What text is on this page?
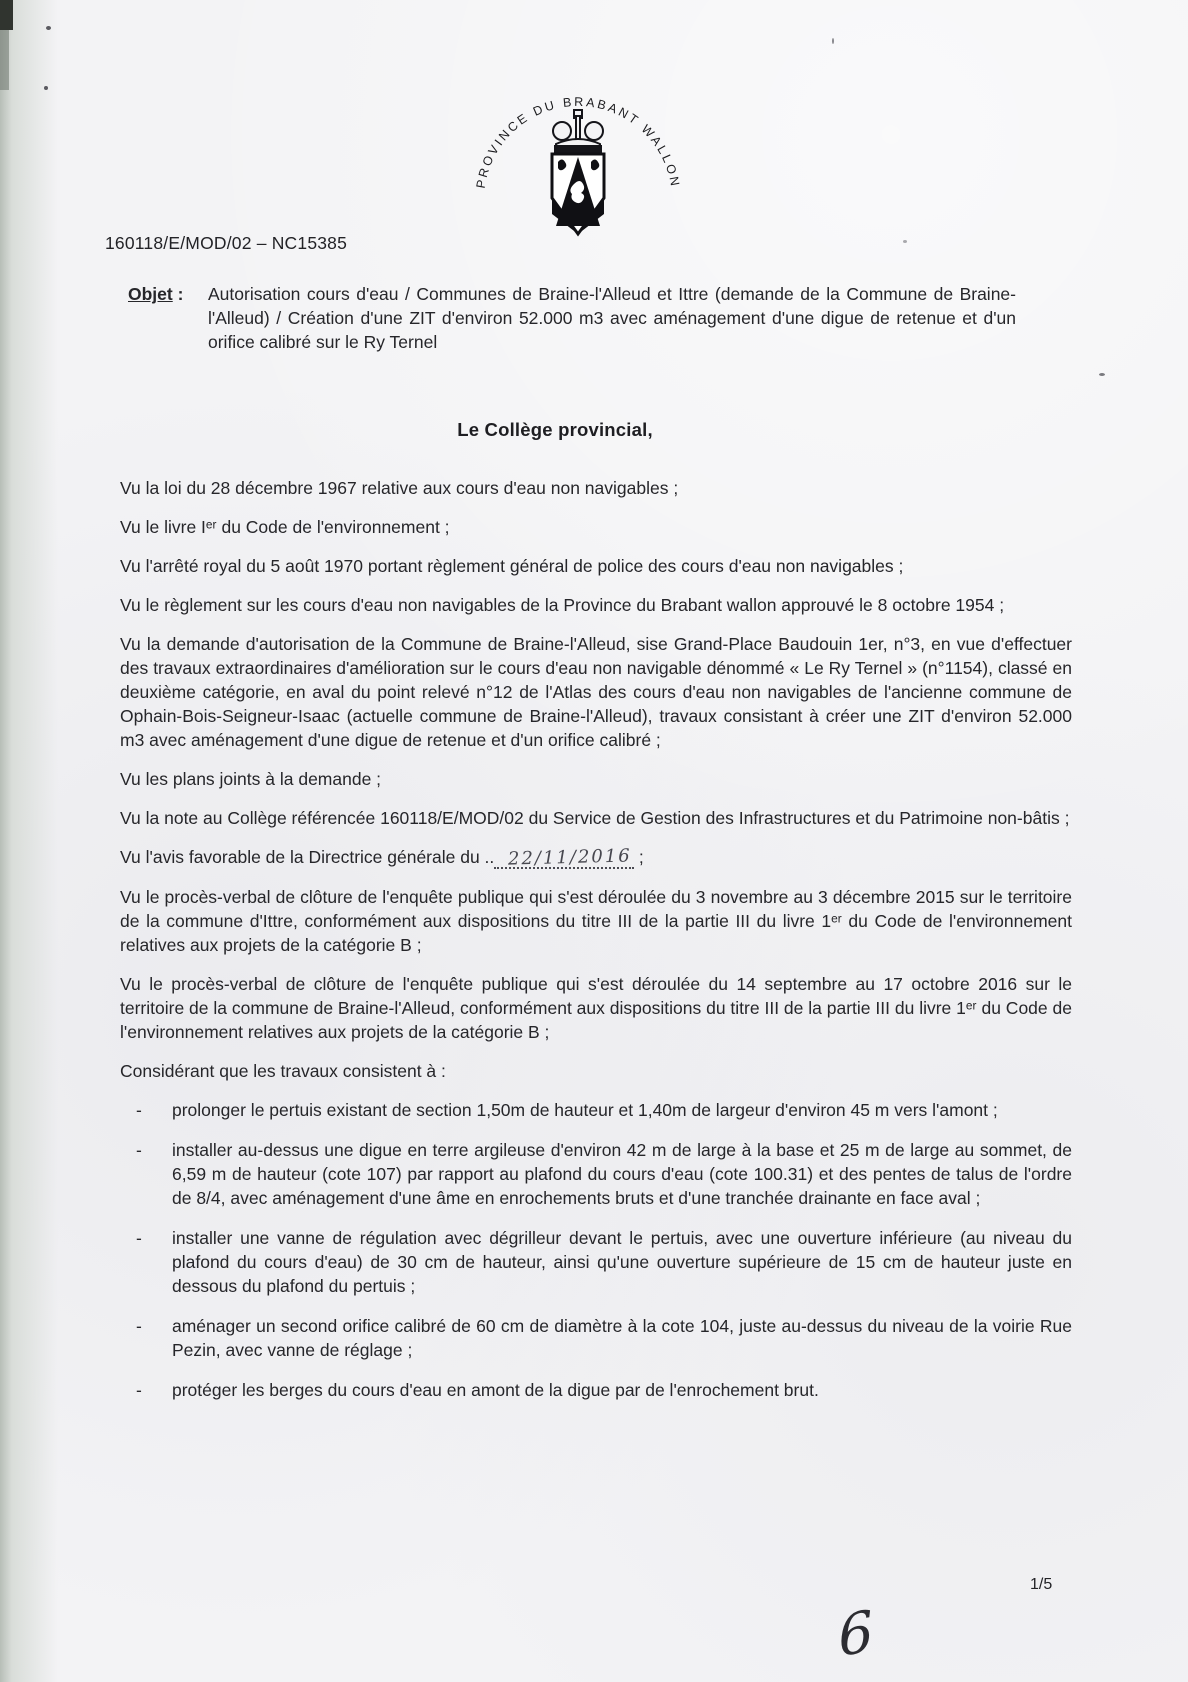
PROVINCE DU BRABANT WALLON
160118/E/MOD/02 – NC15385
Objet : Autorisation cours d'eau / Communes de Braine-l'Alleud et Ittre (demande de la Commune de Braine-l'Alleud) / Création d'une ZIT d'environ 52.000 m3 avec aménagement d'une digue de retenue et d'un orifice calibré sur le Ry Ternel
Le Collège provincial,

Vu la loi du 28 décembre 1967 relative aux cours d'eau non navigables ;

Vu le livre Iᵉʳ du Code de l'environnement ;

Vu l'arrêté royal du 5 août 1970 portant règlement général de police des cours d'eau non navigables ;

Vu le règlement sur les cours d'eau non navigables de la Province du Brabant wallon approuvé le 8 octobre 1954 ;

Vu la demande d'autorisation de la Commune de Braine-l'Alleud, sise Grand-Place Baudouin 1er, n°3, en vue d'effectuer des travaux extraordinaires d'amélioration sur le cours d'eau non navigable dénommé « Le Ry Ternel » (n°1154), classé en deuxième catégorie, en aval du point relevé n°12 de l'Atlas des cours d'eau non navigables de l'ancienne commune de Ophain-Bois-Seigneur-Isaac (actuelle commune de Braine-l'Alleud), travaux consistant à créer une ZIT d'environ 52.000 m3 avec aménagement d'une digue de retenue et d'un orifice calibré ;

Vu les plans joints à la demande ;

Vu la note au Collège référencée 160118/E/MOD/02 du Service de Gestion des Infrastructures et du Patrimoine non-bâtis ;

Vu l'avis favorable de la Directrice générale du .. 22/11/2016 ;

Vu le procès-verbal de clôture de l'enquête publique qui s'est déroulée du 3 novembre au 3 décembre 2015 sur le territoire de la commune d'Ittre, conformément aux dispositions du titre III de la partie III du livre 1ᵉʳ du Code de l'environnement relatives aux projets de la catégorie B ;

Vu le procès-verbal de clôture de l'enquête publique qui s'est déroulée du 14 septembre au 17 octobre 2016 sur le territoire de la commune de Braine-l'Alleud, conformément aux dispositions du titre III de la partie III du livre 1ᵉʳ du Code de l'environnement relatives aux projets de la catégorie B ;

Considérant que les travaux consistent à :

- prolonger le pertuis existant de section 1,50m de hauteur et 1,40m de largeur d'environ 45 m vers l'amont ;
- installer au-dessus une digue en terre argileuse d'environ 42 m de large à la base et 25 m de large au sommet, de 6,59 m de hauteur (cote 107) par rapport au plafond du cours d'eau (cote 100.31) et des pentes de talus de l'ordre de 8/4, avec aménagement d'une âme en enrochements bruts et d'une tranchée drainante en face aval ;
- installer une vanne de régulation avec dégrilleur devant le pertuis, avec une ouverture inférieure (au niveau du plafond du cours d'eau) de 30 cm de hauteur, ainsi qu'une ouverture supérieure de 15 cm de hauteur juste en dessous du plafond du pertuis ;
- aménager un second orifice calibré de 60 cm de diamètre à la cote 104, juste au-dessus du niveau de la voirie Rue Pezin, avec vanne de réglage ;
- protéger les berges du cours d'eau en amont de la digue par de l'enrochement brut.
1/5
6
